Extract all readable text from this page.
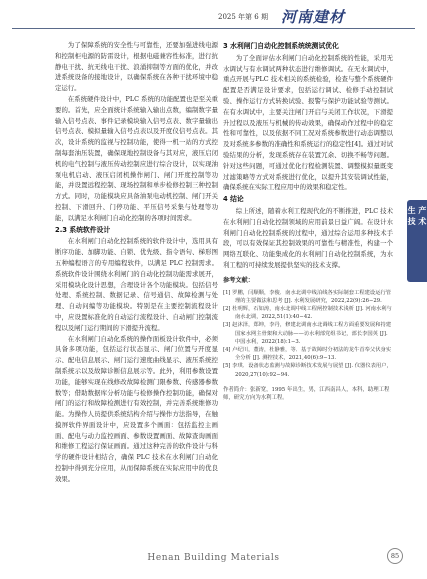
2025 年第 6 期 河南建材
生 产 技 术

为了保障系统的安全性与可靠性，还要加强进线电源和控制柜电源的防雷设计，根据电磁兼容性标准，进行抗静电干扰、抗无线电干扰、浪涌抑制等方面的优化，并改进系统设备的接地设计，以确保系统在各种干扰环境中稳定运行。

在系统硬件设计中，PLC 系统的功能配置也是至关重要的。首先，应全面统计系统输入输出点数，编制数字量输入信号点表、事件记录模块输入信号点表、数字量输出信号点表、模拟量输入信号点表以及开度仪信号点表。其次，设计系统的监视与控制功能，使得一机一站的方式控制每套油压装置，确保现地控制设备与其对应，液压启闭机的电气控制与液压传动控制应进行综合设计，以实现油泵电机启动、液压启闭机操作闸门、闸门开度控制等功能，并设置远程控制、现场控制和单步检修控制三种控制方式。同时，功能模块应具备油泵电动机控制、闸门开关控制、下滑回升、门停功能、平压信号采集与处理等功能，以满足水利闸门自动化控制的各项时间需求。

2.3 系统软件设计

在水利闸门自动化控制系统的软件设计中，选用具有断序功能、加脚功能、自锁、优先级、指令语句、梯形图五种编程语言的专用编程软件，以满足 PLC 控制需求。系统软件设计围绕水利闸门的自动化控制功能需求展开，采用模块化设计思想，合理设计各个功能模块。包括信号处理、系统控制、数据记录、信号通信、故障检测与处理、自动问编等功能模块。特别是在主要控制流程设计中，应设置标准化的自动运行流程设计、自动闸门控制流程以及闸门运行期间的下滑提升流程。

在水利闸门自动化系统的操作面板设计软件中，必须具备多项功能，包括运行状态显示、闸门位置与开度显示、配电信息展示、闸门运行速度曲线显示、液压系统控制系统示以及故障诊断信息展示等。此外，利用参数设置功能，能够实现在线修改故障检测门限参数、传感器参数数等；借助数据库分析功能与检修操作控制功能，确保对闸门的运行和故障检测进行有效控制，并完善系统维修功能。为操作人员提供系统结构介绍与操作方法指导，在触摸屏软件界面设计中，应设置多个画面：包括监控主画面、配电与动力监控画面、参数设置画面、故障查询画面和维修工程运行保证画面。通过这种完善的软件设计与科学的硬件设计相结合，确保 PLC 技术在水利闸门自动化控制中得到充分应用，从而保障系统在实际应用中的优良效果。

3 水利闸门自动化控制系统统测试优化

为了全面评估水利闸门自动化控制系统的性能，采用无水调试与有水调试两种状态进行维修调试。在无水调试中，重点开展与PLC 技术相关的系统检验，检查与整个系统硬件配置是否满足设计要求，包括运行调试、检修手动控制试验、操作运行方式转换试验、报警与保护功能试验等测试。在有水调试中，主要关注闸门开启与关闭工作状况，下滑提升过程以及液压与机械的传动效果，确保动作过程中的稳定性和可靠性，以及依据不同工况对系统参数进行动态调整以及对系统多参数的准确性和系统运行的稳定性[4]。通过对试验结果的分析，发现系统存在装置冗余、切换不畅等问题。针对这些问题，可通过优化行程检测装置、调整模拟量既变过滤策略等方式对系统进行优化，以提升其安装调试性能，确保系统在实际工程应用中的效果和稳定性。

4 结论

综上所述，随着水利工程现代化的不断推进，PLC 技术在水利闸门自动化控制领域的应用前景日益广阔。在设计水利闸门自动化控制系统的过程中，通过综合运用多种技术手段，可以有效保证其控制效果的可靠性与精准性，构建一个网络互联化、功能集成化的水利闸门自动化控制系统，为水利工程的可持续发展提供坚实的技术支撑。

参考文献：
[1] 罗鹏，闫顺顺，李俊．南水北调中线泊线各实际制套工程建设运行管理的主要做法和思考 [J]. 水利发展研究，2022,22(9):26−29.
[2] 杜明辉，石如涛，南水北调中线工程闸控制技术浅析 [J]. 河南水利与南水北调，2022,51(1):40−42.
[3] 赵沐泽，郑坤，李丹，修建北调南水北调线工程方面重要发展和持建国家水网主骨架和大动脉——访水利部党组书记，部长李国英 [J]. 中国水利，2022(18):1−3.
[4] 卢纪川，董涛，杜静雅，等．基于故障时分初法的龙牛首奉父伏身实全分析 [J]. 测控技术，2021,40(6):9−13.
[5] 李琪．设备状态监测与故障诊断技术发展与展望 [J]. 仪器仪表用户，2020,27(10):92−94.
作者简介：张新宽，1995 年出生，男，江西南昌人，本科，助理工程师，研究方向为水利工程。
Henan Building Materials	85
